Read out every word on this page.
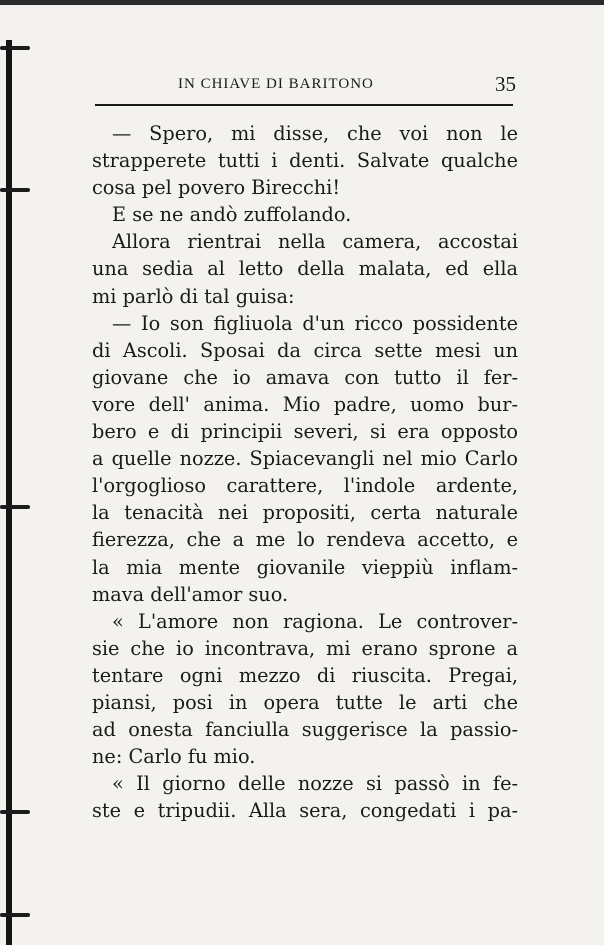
IN CHIAVE DI BARITONO	35
— Spero, mi disse, che voi non le
strapperete tutti i denti. Salvate qualche
cosa pel povero Birecchi!
E se ne andò zuffolando.
Allora rientrai nella camera, accostai
una sedia al letto della malata, ed ella
mi parlò di tal guisa:
— Io son figliuola d'un ricco possidente
di Ascoli. Sposai da circa sette mesi un
giovane che io amava con tutto il fer-
vore dell' anima. Mio padre, uomo bur-
bero e di principii severi, si era opposto
a quelle nozze. Spiacevangli nel mio Carlo
l'orgoglioso carattere, l'indole ardente,
la tenacità nei propositi, certa naturale
fierezza, che a me lo rendeva accetto, e
la mia mente giovanile vieppiù inflam-
mava dell'amor suo.
« L'amore non ragiona. Le controver-
sie che io incontrava, mi erano sprone a
tentare ogni mezzo di riuscita. Pregai,
piansi, posi in opera tutte le arti che
ad onesta fanciulla suggerisce la passio-
ne: Carlo fu mio.
« Il giorno delle nozze si passò in fe-
ste e tripudii. Alla sera, congedati i pa-
